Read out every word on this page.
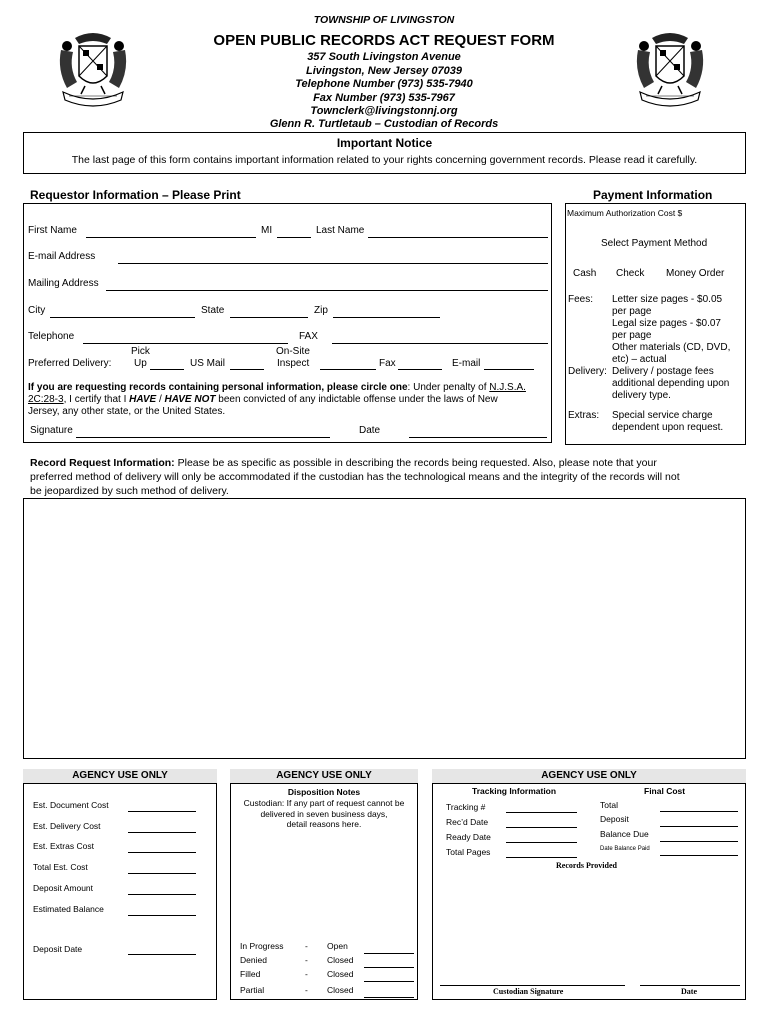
TOWNSHIP OF LIVINGSTON
OPEN PUBLIC RECORDS ACT REQUEST FORM
357 South Livingston Avenue
Livingston, New Jersey 07039
Telephone Number (973) 535-7940
Fax Number (973) 535-7967
Townclerk@livingstonnj.org
Glenn R. Turtletaub – Custodian of Records
Important Notice
The last page of this form contains important information related to your rights concerning government records. Please read it carefully.
Requestor Information – Please Print
First Name	MI	Last Name
E-mail Address
Mailing Address
City	State	Zip
Telephone	FAX
Preferred Delivery:
Pick
Up	US Mail
On-Site
Inspect	Fax	E-mail
If you are requesting records containing personal information, please circle one: Under penalty of N.J.S.A.
2C:28-3, I certify that I HAVE / HAVE NOT been convicted of any indictable offense under the laws of New
Jersey, any other state, or the United States.
Signature	Date
Payment Information
Maximum Authorization Cost $
Select Payment Method
Cash Check Money Order
Fees: Letter size pages - $0.05
per page
Legal size pages - $0.07
per page
Other materials (CD, DVD,
etc) – actual
Delivery: Delivery / postage fees
additional depending upon
delivery type.
Extras: Special service charge
dependent upon request.
Record Request Information: Please be as specific as possible in describing the records being requested. Also, please note that your
preferred method of delivery will only be accommodated if the custodian has the technological means and the integrity of the records will not
be jeopardized by such method of delivery.
AGENCY USE ONLY	AGENCY USE ONLY	AGENCY USE ONLY
Est. Document Cost
Est. Delivery Cost
Est. Extras Cost
Total Est. Cost
Deposit Amount
Estimated Balance
Deposit Date
Disposition Notes
Custodian: If any part of request cannot be
delivered in seven business days,
detail reasons here.
In Progress	- Open
Denied	- Closed
Filled	- Closed
Partial	- Closed
Tracking Information	Final Cost
Tracking #
Rec’d Date
Ready Date
Total Pages
Total
Deposit
Balance Due
Date Balance Paid
Records Provided
Custodian Signature	Date
